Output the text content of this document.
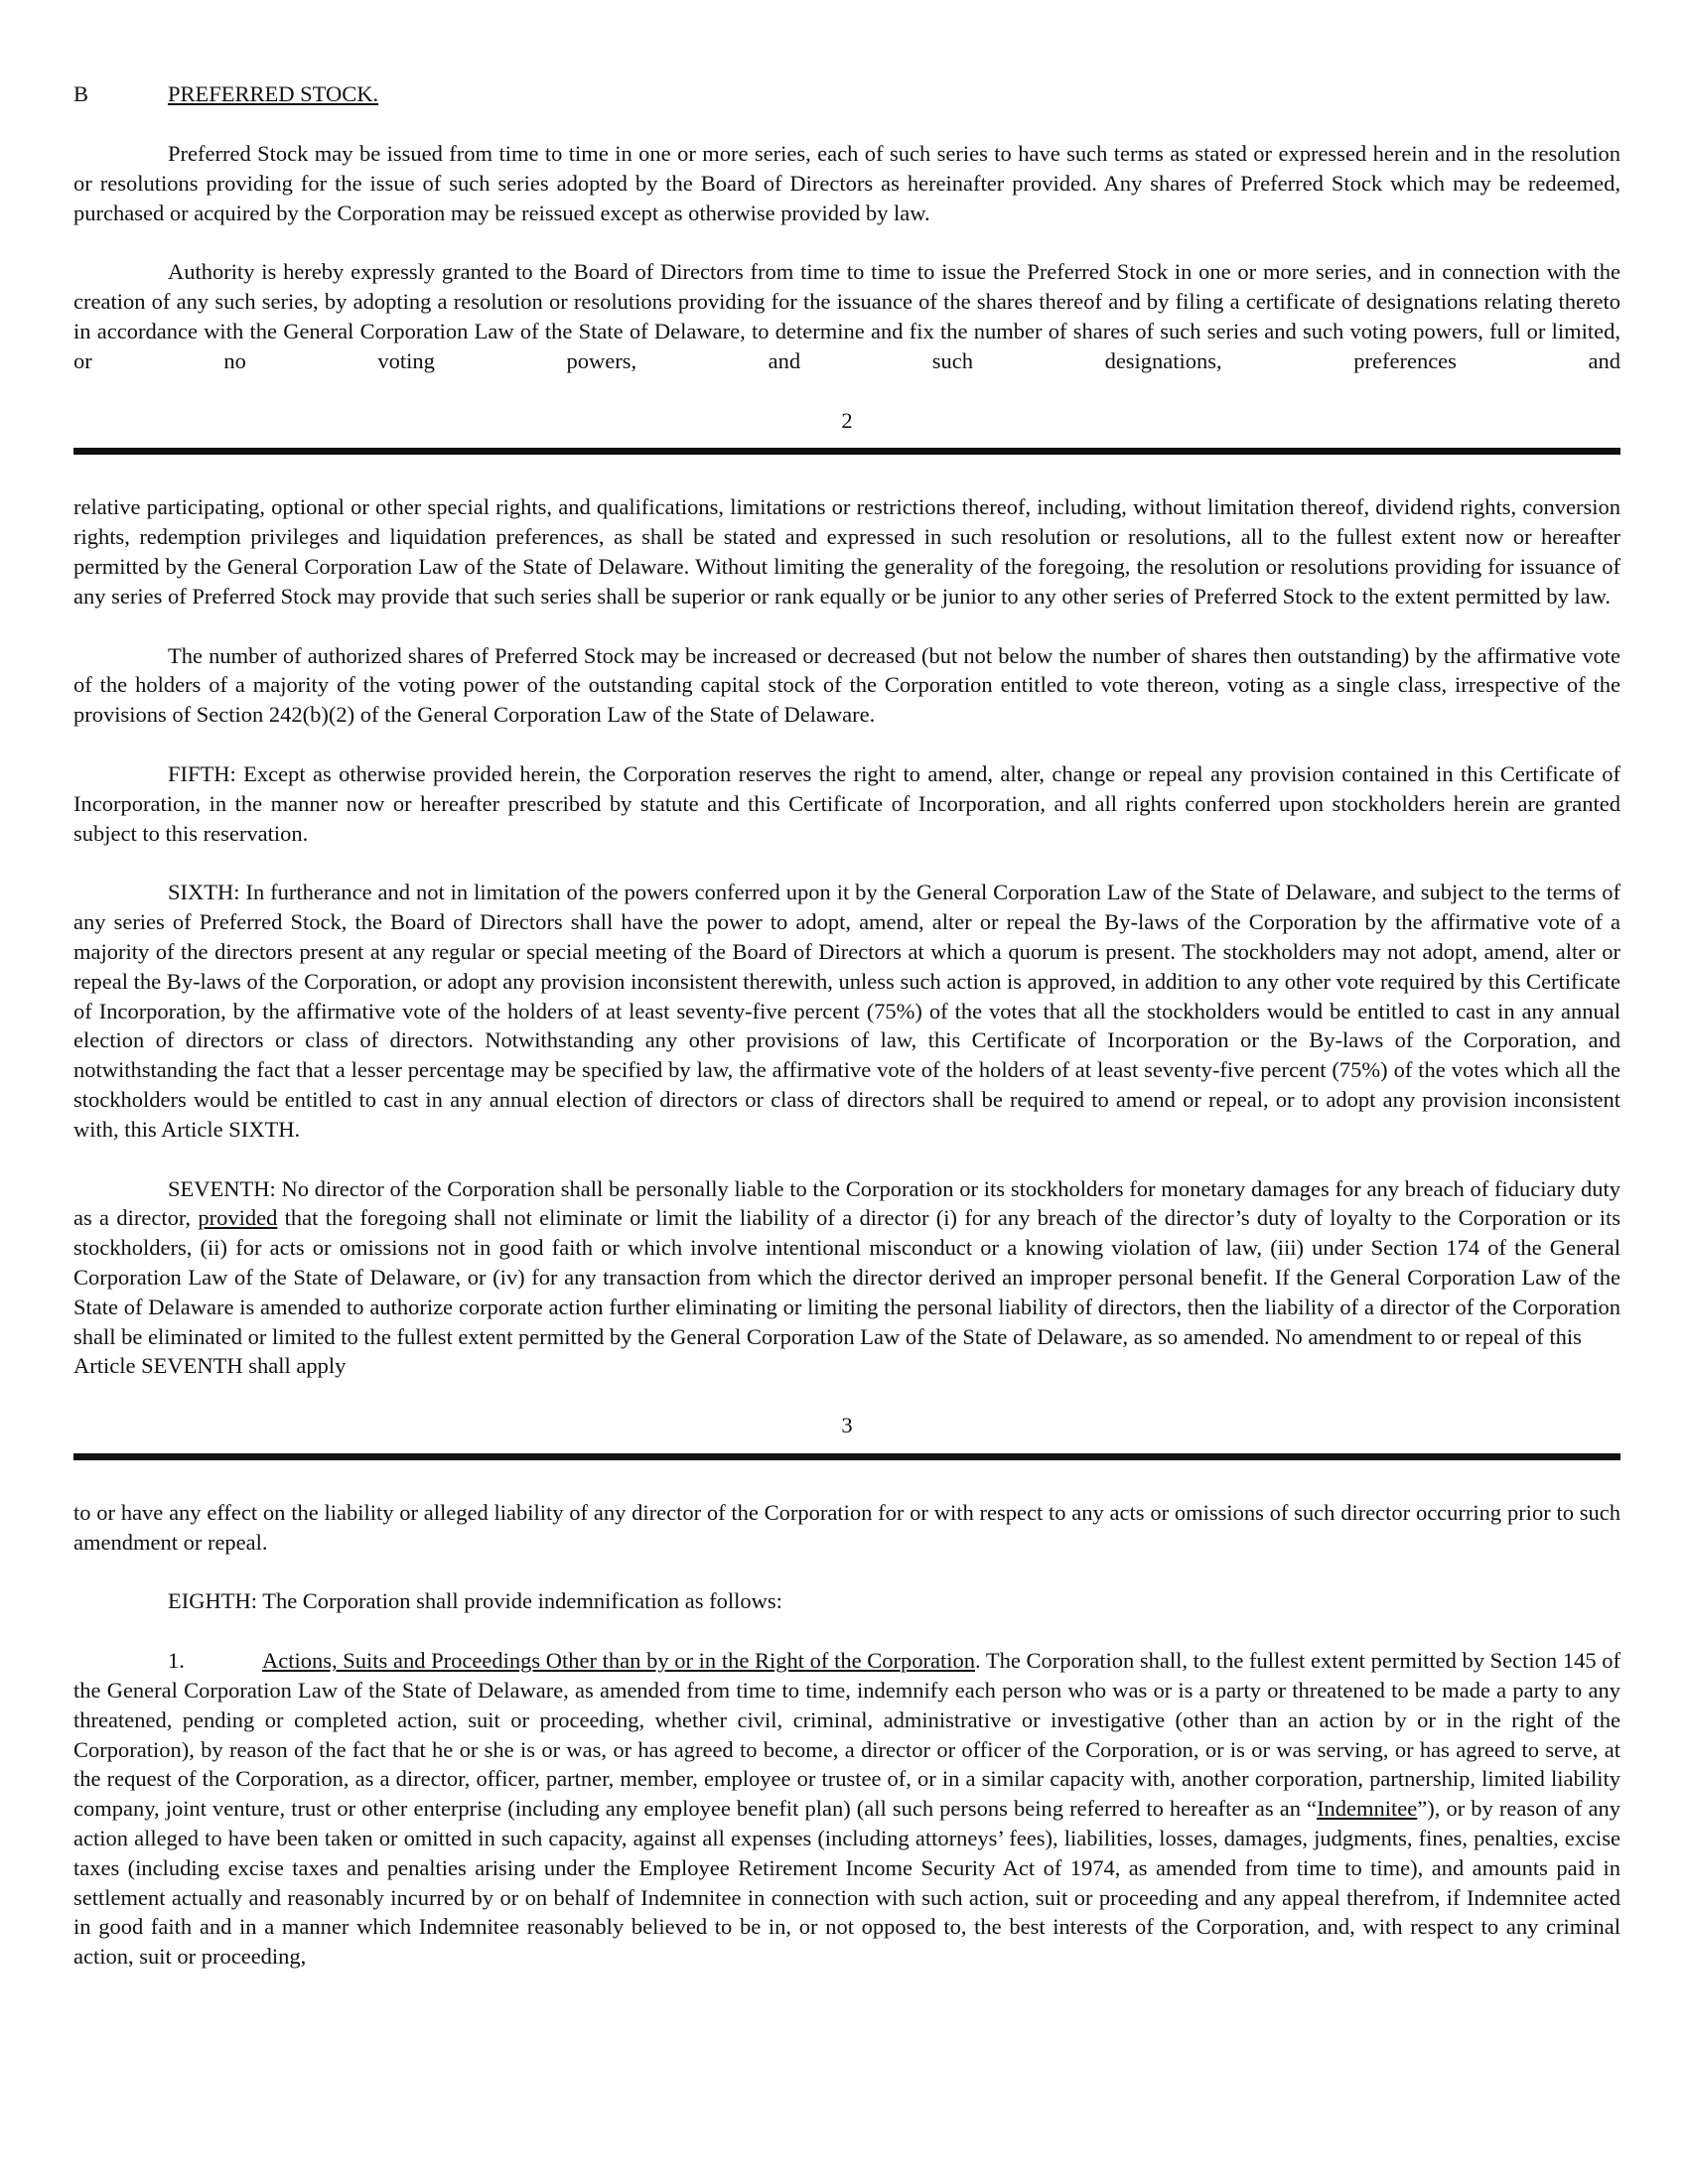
B	PREFERRED STOCK.
Preferred Stock may be issued from time to time in one or more series, each of such series to have such terms as stated or expressed herein and in the resolution or resolutions providing for the issue of such series adopted by the Board of Directors as hereinafter provided. Any shares of Preferred Stock which may be redeemed, purchased or acquired by the Corporation may be reissued except as otherwise provided by law.
Authority is hereby expressly granted to the Board of Directors from time to time to issue the Preferred Stock in one or more series, and in connection with the creation of any such series, by adopting a resolution or resolutions providing for the issuance of the shares thereof and by filing a certificate of designations relating thereto in accordance with the General Corporation Law of the State of Delaware, to determine and fix the number of shares of such series and such voting powers, full or limited, or no voting powers, and such designations, preferences and
2
relative participating, optional or other special rights, and qualifications, limitations or restrictions thereof, including, without limitation thereof, dividend rights, conversion rights, redemption privileges and liquidation preferences, as shall be stated and expressed in such resolution or resolutions, all to the fullest extent now or hereafter permitted by the General Corporation Law of the State of Delaware. Without limiting the generality of the foregoing, the resolution or resolutions providing for issuance of any series of Preferred Stock may provide that such series shall be superior or rank equally or be junior to any other series of Preferred Stock to the extent permitted by law.
The number of authorized shares of Preferred Stock may be increased or decreased (but not below the number of shares then outstanding) by the affirmative vote of the holders of a majority of the voting power of the outstanding capital stock of the Corporation entitled to vote thereon, voting as a single class, irrespective of the provisions of Section 242(b)(2) of the General Corporation Law of the State of Delaware.
FIFTH: Except as otherwise provided herein, the Corporation reserves the right to amend, alter, change or repeal any provision contained in this Certificate of Incorporation, in the manner now or hereafter prescribed by statute and this Certificate of Incorporation, and all rights conferred upon stockholders herein are granted subject to this reservation.
SIXTH: In furtherance and not in limitation of the powers conferred upon it by the General Corporation Law of the State of Delaware, and subject to the terms of any series of Preferred Stock, the Board of Directors shall have the power to adopt, amend, alter or repeal the By-laws of the Corporation by the affirmative vote of a majority of the directors present at any regular or special meeting of the Board of Directors at which a quorum is present. The stockholders may not adopt, amend, alter or repeal the By-laws of the Corporation, or adopt any provision inconsistent therewith, unless such action is approved, in addition to any other vote required by this Certificate of Incorporation, by the affirmative vote of the holders of at least seventy-five percent (75%) of the votes that all the stockholders would be entitled to cast in any annual election of directors or class of directors. Notwithstanding any other provisions of law, this Certificate of Incorporation or the By-laws of the Corporation, and notwithstanding the fact that a lesser percentage may be specified by law, the affirmative vote of the holders of at least seventy-five percent (75%) of the votes which all the stockholders would be entitled to cast in any annual election of directors or class of directors shall be required to amend or repeal, or to adopt any provision inconsistent with, this Article SIXTH.
SEVENTH: No director of the Corporation shall be personally liable to the Corporation or its stockholders for monetary damages for any breach of fiduciary duty as a director, provided that the foregoing shall not eliminate or limit the liability of a director (i) for any breach of the director’s duty of loyalty to the Corporation or its stockholders, (ii) for acts or omissions not in good faith or which involve intentional misconduct or a knowing violation of law, (iii) under Section 174 of the General Corporation Law of the State of Delaware, or (iv) for any transaction from which the director derived an improper personal benefit. If the General Corporation Law of the State of Delaware is amended to authorize corporate action further eliminating or limiting the personal liability of directors, then the liability of a director of the Corporation shall be eliminated or limited to the fullest extent permitted by the General Corporation Law of the State of Delaware, as so amended. No amendment to or repeal of this
Article SEVENTH shall apply
3
to or have any effect on the liability or alleged liability of any director of the Corporation for or with respect to any acts or omissions of such director occurring prior to such amendment or repeal.
EIGHTH: The Corporation shall provide indemnification as follows:
1.	Actions, Suits and Proceedings Other than by or in the Right of the Corporation. The Corporation shall, to the fullest extent permitted by Section 145 of the General Corporation Law of the State of Delaware, as amended from time to time, indemnify each person who was or is a party or threatened to be made a party to any threatened, pending or completed action, suit or proceeding, whether civil, criminal, administrative or investigative (other than an action by or in the right of the Corporation), by reason of the fact that he or she is or was, or has agreed to become, a director or officer of the Corporation, or is or was serving, or has agreed to serve, at the request of the Corporation, as a director, officer, partner, member, employee or trustee of, or in a similar capacity with, another corporation, partnership, limited liability company, joint venture, trust or other enterprise (including any employee benefit plan) (all such persons being referred to hereafter as an “Indemnitee”), or by reason of any action alleged to have been taken or omitted in such capacity, against all expenses (including attorneys’ fees), liabilities, losses, damages, judgments, fines, penalties, excise taxes (including excise taxes and penalties arising under the Employee Retirement Income Security Act of 1974, as amended from time to time), and amounts paid in settlement actually and reasonably incurred by or on behalf of Indemnitee in connection with such action, suit or proceeding and any appeal therefrom, if Indemnitee acted in good faith and in a manner which Indemnitee reasonably believed to be in, or not opposed to, the best interests of the Corporation, and, with respect to any criminal action, suit or proceeding,
